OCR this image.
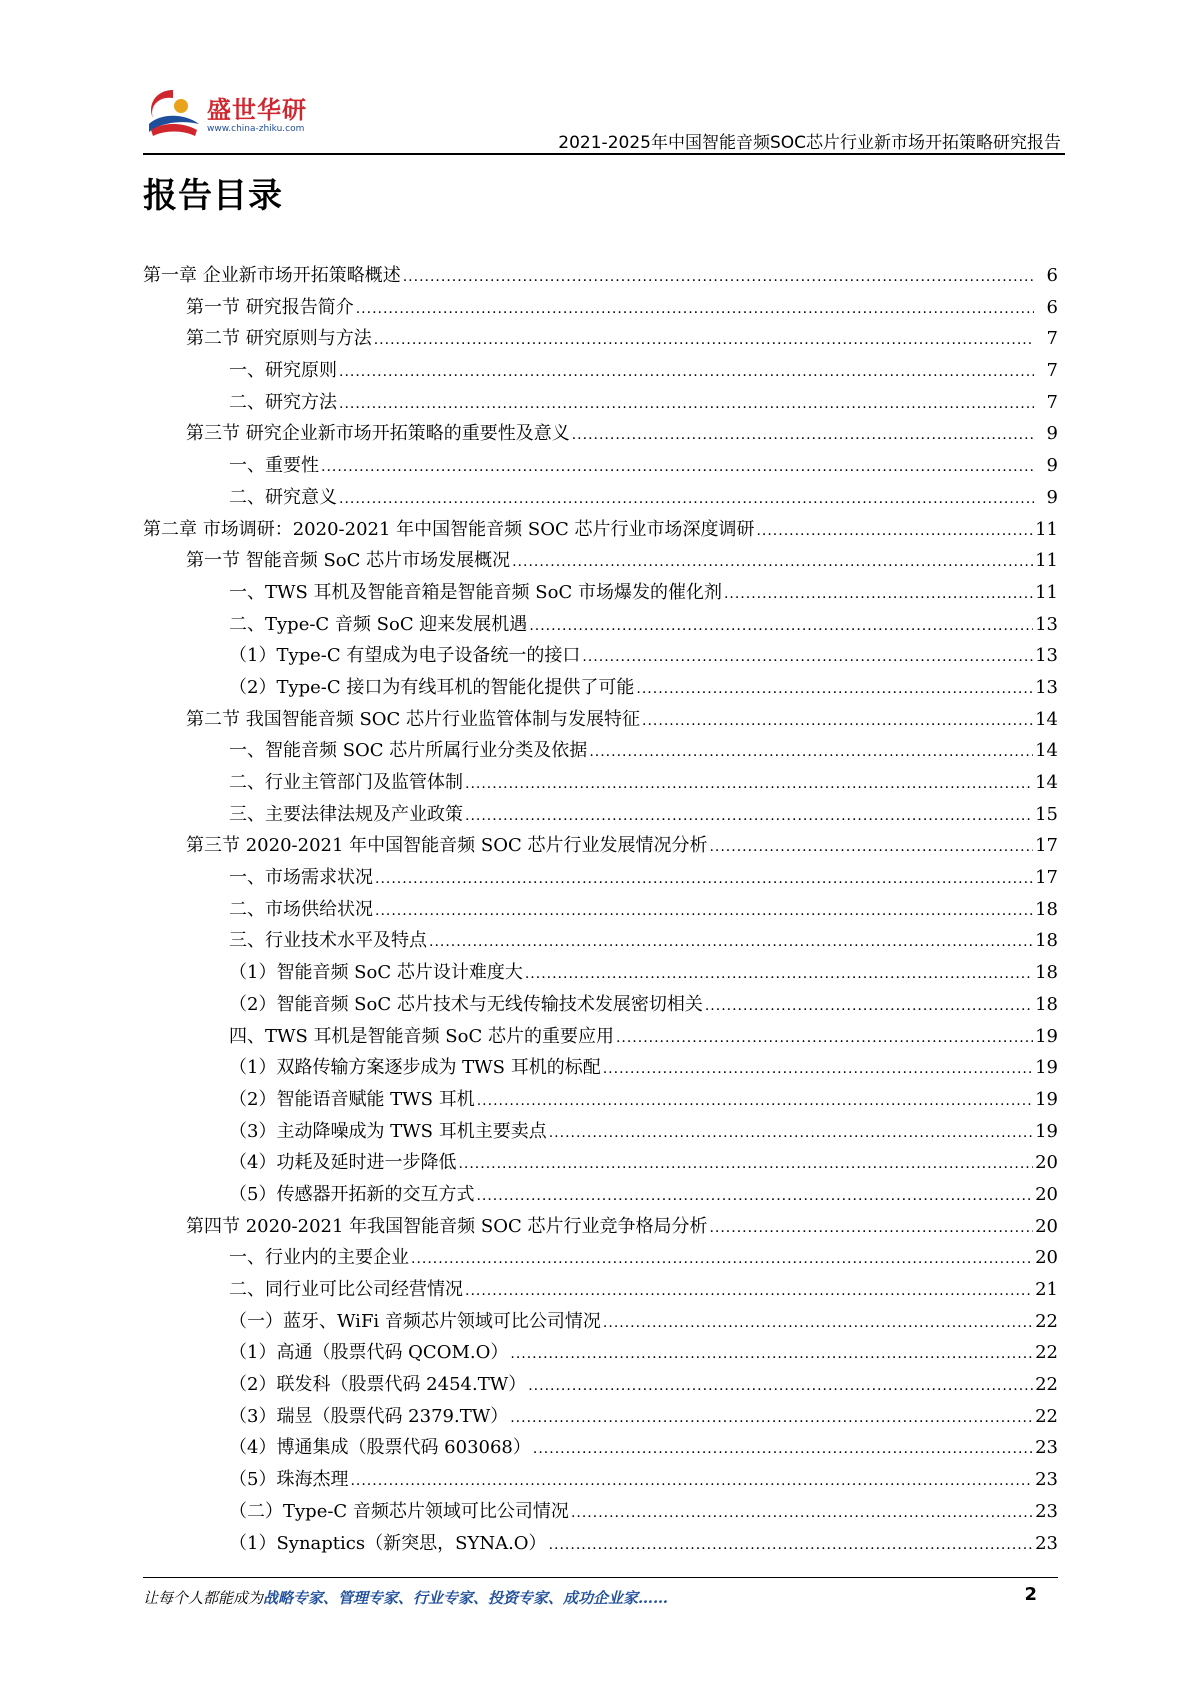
盛世华研
www.china-zhiku.com
2021-2025年中国智能音频SOC芯片行业新市场开拓策略研究报告
报告目录
第一章 企业新市场开拓策略概述 .....	6
第一节 研究报告简介 .....	6
第二节 研究原则与方法 .....	7
一、研究原则 .....	7
二、研究方法 .....	7
第三节 研究企业新市场开拓策略的重要性及意义 .....	9
一、重要性 .....	9
二、研究意义 .....	9
第二章 市场调研：2020-2021 年中国智能音频 SOC 芯片行业市场深度调研 .....	11
第一节 智能音频 SoC 芯片市场发展概况 .....	11
一、TWS 耳机及智能音箱是智能音频 SoC 市场爆发的催化剂 .....	11
二、Type-C 音频 SoC 迎来发展机遇 .....	13
（1）Type-C 有望成为电子设备统一的接口 .....	13
（2）Type-C 接口为有线耳机的智能化提供了可能 .....	13
第二节 我国智能音频 SOC 芯片行业监管体制与发展特征 .....	14
一、智能音频 SOC 芯片所属行业分类及依据 .....	14
二、行业主管部门及监管体制 .....	14
三、主要法律法规及产业政策 .....	15
第三节 2020-2021 年中国智能音频 SOC 芯片行业发展情况分析 .....	17
一、市场需求状况 .....	17
二、市场供给状况 .....	18
三、行业技术水平及特点 .....	18
（1）智能音频 SoC 芯片设计难度大 .....	18
（2）智能音频 SoC 芯片技术与无线传输技术发展密切相关 .....	18
四、TWS 耳机是智能音频 SoC 芯片的重要应用 .....	19
（1）双路传输方案逐步成为 TWS 耳机的标配 .....	19
（2）智能语音赋能 TWS 耳机 .....	19
（3）主动降噪成为 TWS 耳机主要卖点 .....	19
（4）功耗及延时进一步降低 .....	20
（5）传感器开拓新的交互方式 .....	20
第四节 2020-2021 年我国智能音频 SOC 芯片行业竞争格局分析 .....	20
一、行业内的主要企业 .....	20
二、同行业可比公司经营情况 .....	21
（一）蓝牙、WiFi 音频芯片领域可比公司情况 .....	22
（1）高通（股票代码 QCOM.O） .....	22
（2）联发科（股票代码 2454.TW） .....	22
（3）瑞昱（股票代码 2379.TW） .....	22
（4）博通集成（股票代码 603068） .....	23
（5）珠海杰理 .....	23
（二）Type-C 音频芯片领域可比公司情况 .....	23
（1）Synaptics（新突思，SYNA.O） .....	23
让每个人都能成为战略专家、管理专家、行业专家、投资专家、成功企业家……	2
